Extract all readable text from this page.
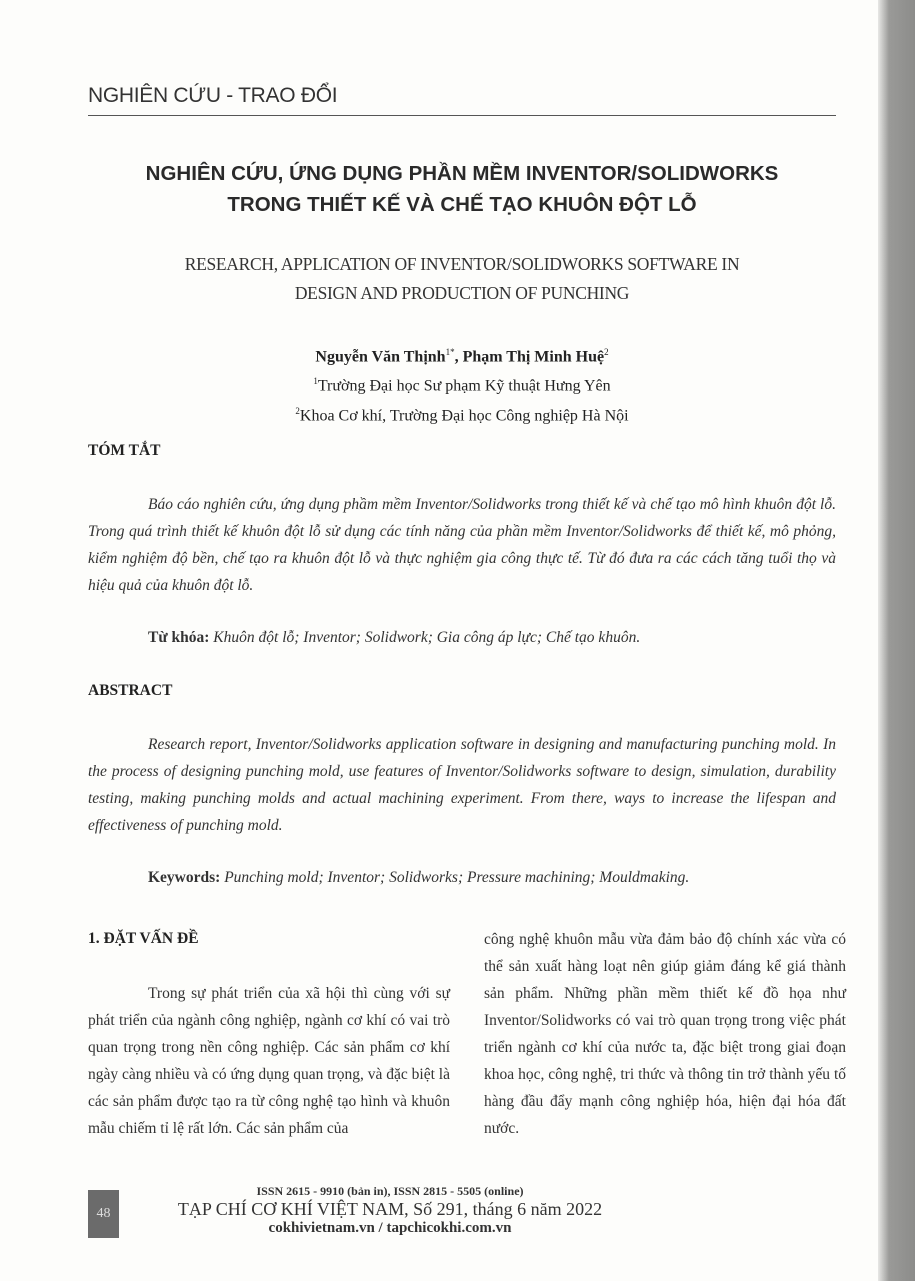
NGHIÊN CỨU - TRAO ĐỔI
NGHIÊN CỨU, ỨNG DỤNG PHẦN MỀM INVENTOR/SOLIDWORKS
TRONG THIẾT KẾ VÀ CHẾ TẠO KHUÔN ĐỘT LỖ
RESEARCH, APPLICATION OF INVENTOR/SOLIDWORKS SOFTWARE IN
DESIGN AND PRODUCTION OF PUNCHING
Nguyễn Văn Thịnh$^{1*}$, Phạm Thị Minh Huệ$^2$
$^1$Trường Đại học Sư phạm Kỹ thuật Hưng Yên
$^2$Khoa Cơ khí, Trường Đại học Công nghiệp Hà Nội
TÓM TẮT
Báo cáo nghiên cứu, ứng dụng phầm mềm Inventor/Solidworks trong thiết kế và chế tạo mô hình khuôn đột lỗ. Trong quá trình thiết kế khuôn đột lỗ sử dụng các tính năng của phần mềm Inventor/Solidworks để thiết kế, mô phỏng, kiểm nghiệm độ bền, chế tạo ra khuôn đột lỗ và thực nghiệm gia công thực tế. Từ đó đưa ra các cách tăng tuổi thọ và hiệu quả của khuôn đột lỗ.
Từ khóa: Khuôn đột lỗ; Inventor; Solidwork; Gia công áp lực; Chế tạo khuôn.
ABSTRACT
Research report, Inventor/Solidworks application software in designing and manufacturing punching mold. In the process of designing punching mold, use features of Inventor/Solidworks software to design, simulation, durability testing, making punching molds and actual machining experiment. From there, ways to increase the lifespan and effectiveness of punching mold.
Keywords: Punching mold; Inventor; Solidworks; Pressure machining; Mouldmaking.
1. ĐẶT VẤN ĐỀ
Trong sự phát triển của xã hội thì cùng với sự phát triển của ngành công nghiệp, ngành cơ khí có vai trò quan trọng trong nền công nghiệp. Các sản phẩm cơ khí ngày càng nhiều và có ứng dụng quan trọng, và đặc biệt là các sản phẩm được tạo ra từ công nghệ tạo hình và khuôn mẫu chiếm tỉ lệ rất lớn. Các sản phẩm của
công nghệ khuôn mẫu vừa đảm bảo độ chính xác vừa có thể sản xuất hàng loạt nên giúp giảm đáng kể giá thành sản phẩm. Những phần mềm thiết kế đồ họa như Inventor/Solidworks có vai trò quan trọng trong việc phát triển ngành cơ khí của nước ta, đặc biệt trong giai đoạn khoa học, công nghệ, tri thức và thông tin trở thành yếu tố hàng đầu đẩy mạnh công nghiệp hóa, hiện đại hóa đất nước.
48
ISSN 2615 - 9910 (bản in), ISSN 2815 - 5505 (online)
TẠP CHÍ CƠ KHÍ VIỆT NAM, Số 291, tháng 6 năm 2022
cokhivietnam.vn / tapchicokhi.com.vn
